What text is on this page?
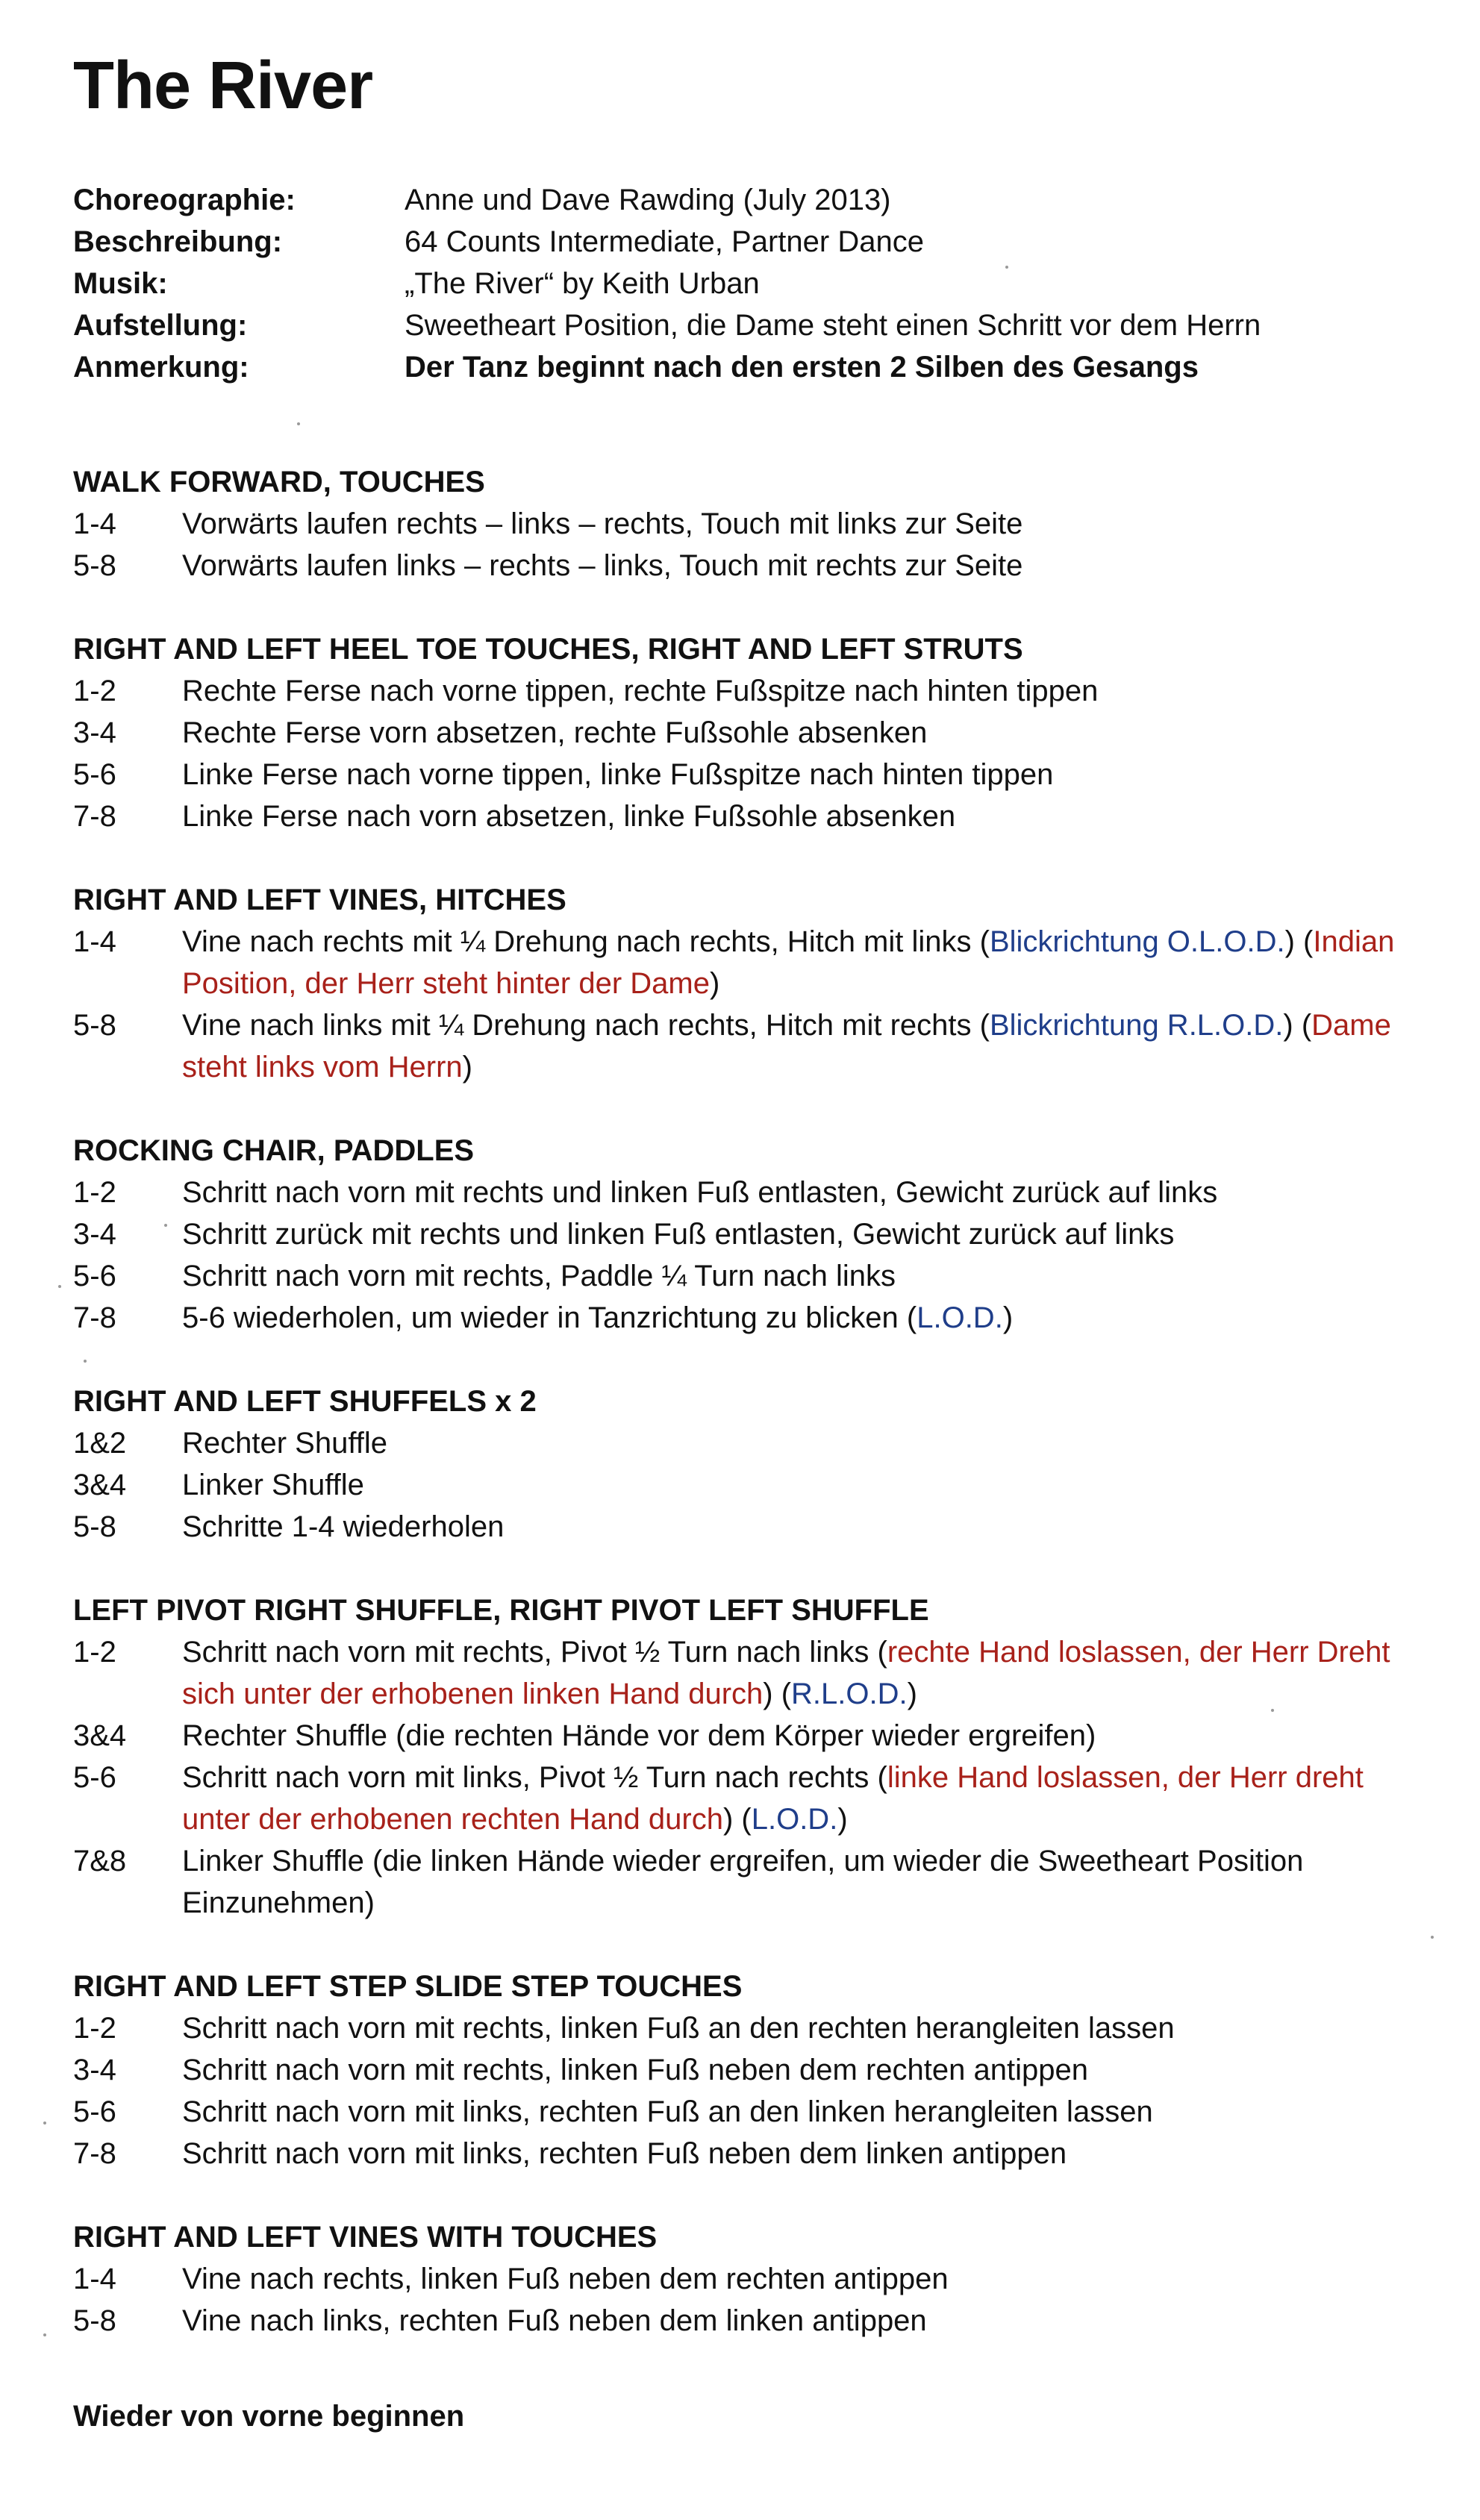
The River
Choreographie:	Anne und Dave Rawding (July 2013)
Beschreibung:	64 Counts Intermediate, Partner Dance
Musik:	„The River“ by Keith Urban
Aufstellung:	Sweetheart Position, die Dame steht einen Schritt vor dem Herrn
Anmerkung:	Der Tanz beginnt nach den ersten 2 Silben des Gesangs
WALK FORWARD, TOUCHES
1-4	Vorwärts laufen rechts – links – rechts, Touch mit links zur Seite
5-8	Vorwärts laufen links – rechts – links, Touch mit rechts zur Seite
RIGHT AND LEFT HEEL TOE TOUCHES, RIGHT AND LEFT STRUTS
1-2	Rechte Ferse nach vorne tippen, rechte Fußspitze nach hinten tippen
3-4	Rechte Ferse vorn absetzen, rechte Fußsohle absenken
5-6	Linke Ferse nach vorne tippen, linke Fußspitze nach hinten tippen
7-8	Linke Ferse nach vorn absetzen, linke Fußsohle absenken
RIGHT AND LEFT VINES, HITCHES
1-4	Vine nach rechts mit ¼ Drehung nach rechts, Hitch mit links (Blickrichtung O.L.O.D.) (Indian Position, der Herr steht hinter der Dame)
5-8	Vine nach links mit ¼ Drehung nach rechts, Hitch mit rechts (Blickrichtung R.L.O.D.) (Dame steht links vom Herrn)
ROCKING CHAIR, PADDLES
1-2	Schritt nach vorn mit rechts und linken Fuß entlasten, Gewicht zurück auf links
3-4	Schritt zurück mit rechts und linken Fuß entlasten, Gewicht zurück auf links
5-6	Schritt nach vorn mit rechts, Paddle ¼ Turn nach links
7-8	5-6 wiederholen, um wieder in Tanzrichtung zu blicken (L.O.D.)
RIGHT AND LEFT SHUFFELS x 2
1&2	Rechter Shuffle
3&4	Linker Shuffle
5-8	Schritte 1-4 wiederholen
LEFT PIVOT RIGHT SHUFFLE, RIGHT PIVOT LEFT SHUFFLE
1-2	Schritt nach vorn mit rechts, Pivot ½ Turn nach links (rechte Hand loslassen, der Herr Dreht sich unter der erhobenen linken Hand durch) (R.L.O.D.)
3&4	Rechter Shuffle (die rechten Hände vor dem Körper wieder ergreifen)
5-6	Schritt nach vorn mit links, Pivot ½ Turn nach rechts (linke Hand loslassen, der Herr dreht unter der erhobenen rechten Hand durch) (L.O.D.)
7&8	Linker Shuffle (die linken Hände wieder ergreifen, um wieder die Sweetheart Position Einzunehmen)
RIGHT AND LEFT STEP SLIDE STEP TOUCHES
1-2	Schritt nach vorn mit rechts, linken Fuß an den rechten herangleiten lassen
3-4	Schritt nach vorn mit rechts, linken Fuß neben dem rechten antippen
5-6	Schritt nach vorn mit links, rechten Fuß an den linken herangleiten lassen
7-8	Schritt nach vorn mit links, rechten Fuß neben dem linken antippen
RIGHT AND LEFT VINES WITH TOUCHES
1-4	Vine nach rechts, linken Fuß neben dem rechten antippen
5-8	Vine nach links, rechten Fuß neben dem linken antippen
Wieder von vorne beginnen
